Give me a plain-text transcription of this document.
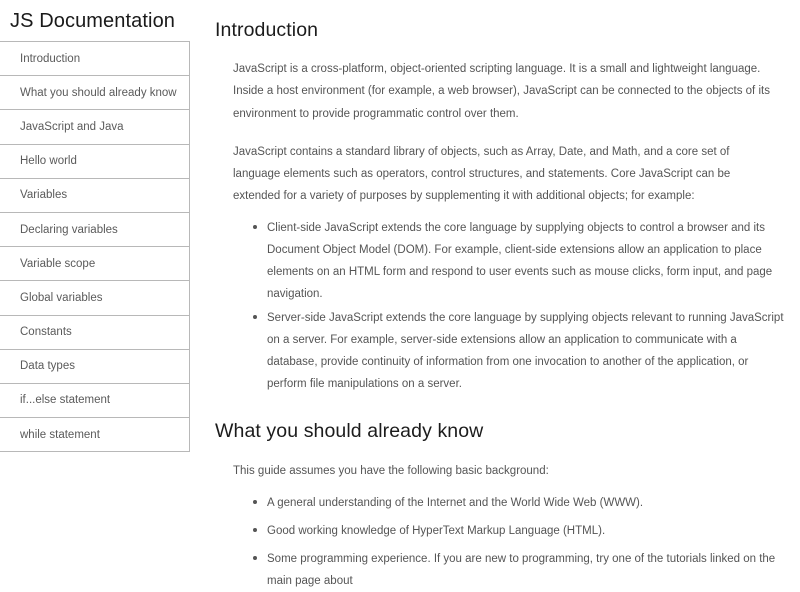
JS Documentation
Introduction
What you should already know
JavaScript and Java
Hello world
Variables
Declaring variables
Variable scope
Global variables
Constants
Data types
if...else statement
while statement
Introduction

JavaScript is a cross-platform, object-oriented scripting language. It is a small and lightweight language. Inside a host environment (for example, a web browser), JavaScript can be connected to the objects of its environment to provide programmatic control over them.

JavaScript contains a standard library of objects, such as Array, Date, and Math, and a core set of language elements such as operators, control structures, and statements. Core JavaScript can be extended for a variety of purposes by supplementing it with additional objects; for example:

Client-side JavaScript extends the core language by supplying objects to control a browser and its Document Object Model (DOM). For example, client-side extensions allow an application to place elements on an HTML form and respond to user events such as mouse clicks, form input, and page navigation.
Server-side JavaScript extends the core language by supplying objects relevant to running JavaScript on a server. For example, server-side extensions allow an application to communicate with a database, provide continuity of information from one invocation to another of the application, or perform file manipulations on a server.
What you should already know

This guide assumes you have the following basic background:

A general understanding of the Internet and the World Wide Web (WWW).
Good working knowledge of HyperText Markup Language (HTML).
Some programming experience. If you are new to programming, try one of the tutorials linked on the main page about
